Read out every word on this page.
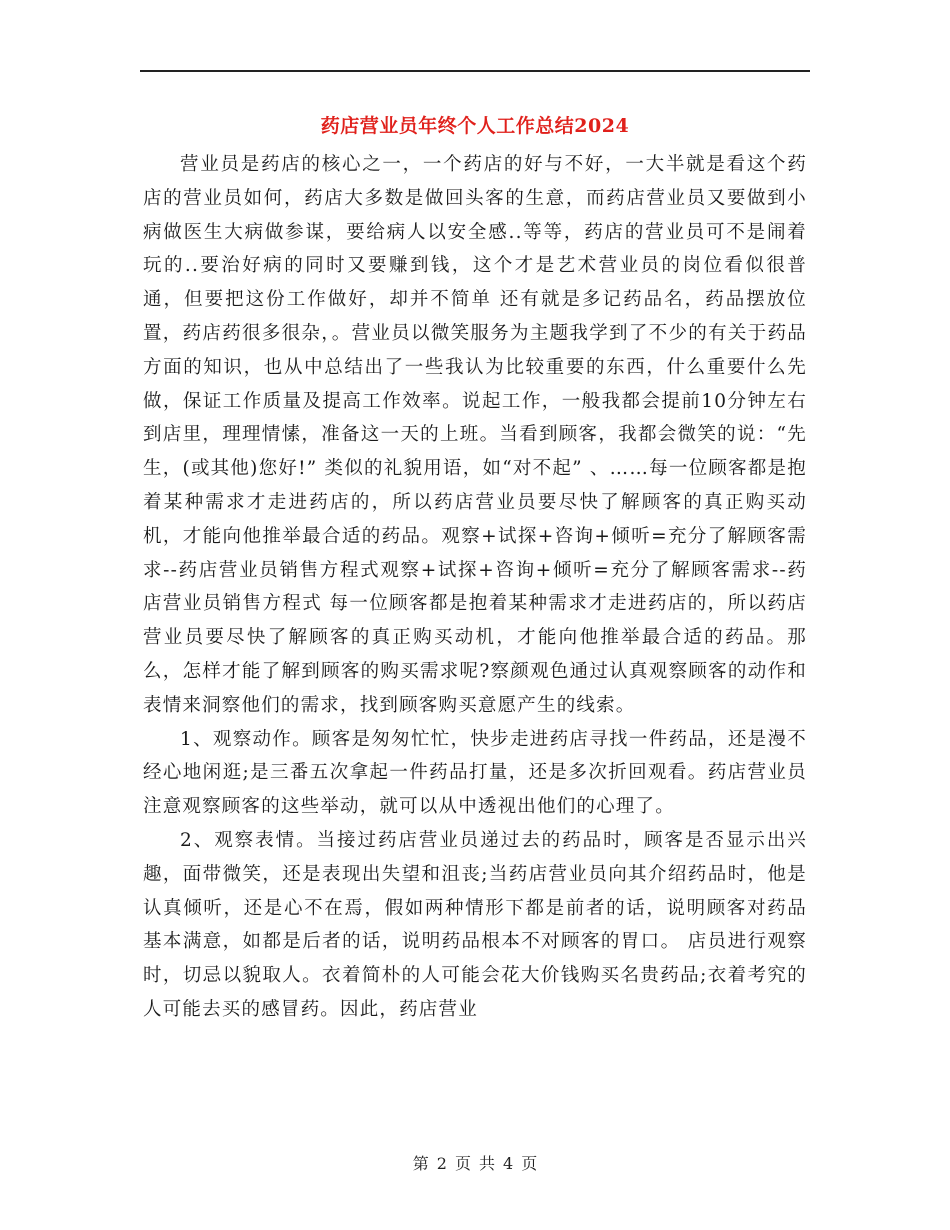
药店营业员年终个人工作总结2024

营业员是药店的核心之一，一个药店的好与不好，一大半就是看这个药店的营业员如何，药店大多数是做回头客的生意，而药店营业员又要做到小病做医生大病做参谋，要给病人以安全感..等等，药店的营业员可不是闹着玩的..要治好病的同时又要赚到钱，这个才是艺术营业员的岗位看似很普通，但要把这份工作做好，却并不简单 还有就是多记药品名，药品摆放位置，药店药很多很杂，。营业员以微笑服务为主题我学到了不少的有关于药品方面的知识，也从中总结出了一些我认为比较重要的东西，什么重要什么先做，保证工作质量及提高工作效率。说起工作，一般我都会提前10分钟左右到店里，理理情愫，准备这一天的上班。当看到顾客，我都会微笑的说：“先生，(或其他)您好!” 类似的礼貌用语，如“对不起” 、……每一位顾客都是抱着某种需求才走进药店的，所以药店营业员要尽快了解顾客的真正购买动机，才能向他推举最合适的药品。观察+试探+咨询+倾听=充分了解顾客需求--药店营业员销售方程式观察+试探+咨询+倾听=充分了解顾客需求--药店营业员销售方程式 每一位顾客都是抱着某种需求才走进药店的，所以药店营业员要尽快了解顾客的真正购买动机，才能向他推举最合适的药品。那么，怎样才能了解到顾客的购买需求呢?察颜观色通过认真观察顾客的动作和表情来洞察他们的需求，找到顾客购买意愿产生的线索。

1、观察动作。顾客是匆匆忙忙，快步走进药店寻找一件药品，还是漫不经心地闲逛;是三番五次拿起一件药品打量，还是多次折回观看。药店营业员注意观察顾客的这些举动，就可以从中透视出他们的心理了。

2、观察表情。当接过药店营业员递过去的药品时，顾客是否显示出兴趣，面带微笑，还是表现出失望和沮丧;当药店营业员向其介绍药品时，他是认真倾听，还是心不在焉，假如两种情形下都是前者的话，说明顾客对药品基本满意，如都是后者的话，说明药品根本不对顾客的胃口。 店员进行观察时，切忌以貌取人。衣着简朴的人可能会花大价钱购买名贵药品;衣着考究的人可能去买的感冒药。因此，药店营业

第 2 页 共 4 页
